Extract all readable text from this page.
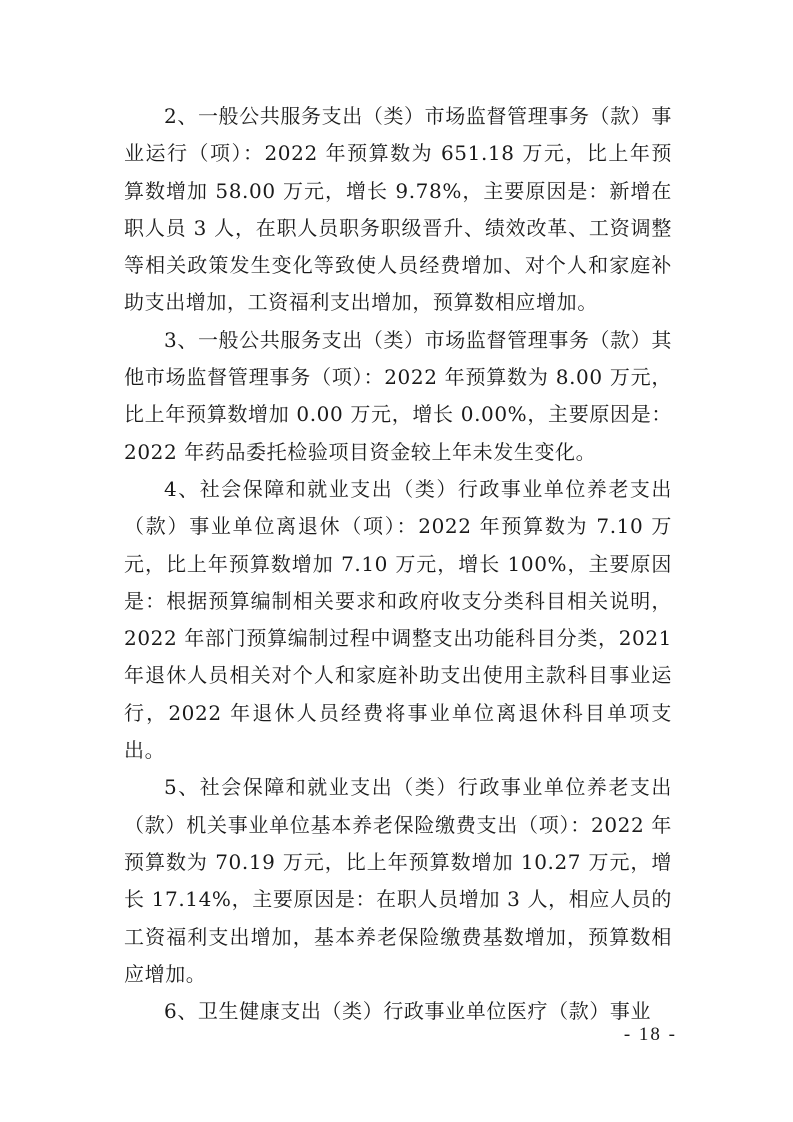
2、一般公共服务支出（类）市场监督管理事务（款）事业运行（项）：2022 年预算数为 651.18 万元，比上年预算数增加 58.00 万元，增长 9.78%，主要原因是：新增在职人员 3 人，在职人员职务职级晋升、绩效改革、工资调整等相关政策发生变化等致使人员经费增加、对个人和家庭补助支出增加，工资福利支出增加，预算数相应增加。

3、一般公共服务支出（类）市场监督管理事务（款）其他市场监督管理事务（项）：2022 年预算数为 8.00 万元，比上年预算数增加 0.00 万元，增长 0.00%，主要原因是：2022 年药品委托检验项目资金较上年未发生变化。

4、社会保障和就业支出（类）行政事业单位养老支出（款）事业单位离退休（项）：2022 年预算数为 7.10 万元，比上年预算数增加 7.10 万元，增长 100%，主要原因是：根据预算编制相关要求和政府收支分类科目相关说明，2022 年部门预算编制过程中调整支出功能科目分类，2021 年退休人员相关对个人和家庭补助支出使用主款科目事业运行，2022 年退休人员经费将事业单位离退休科目单项支出。

5、社会保障和就业支出（类）行政事业单位养老支出（款）机关事业单位基本养老保险缴费支出（项）：2022 年预算数为 70.19 万元，比上年预算数增加 10.27 万元，增长 17.14%，主要原因是：在职人员增加 3 人，相应人员的工资福利支出增加，基本养老保险缴费基数增加，预算数相应增加。

6、卫生健康支出（类）行政事业单位医疗（款）事业

- 18 -
